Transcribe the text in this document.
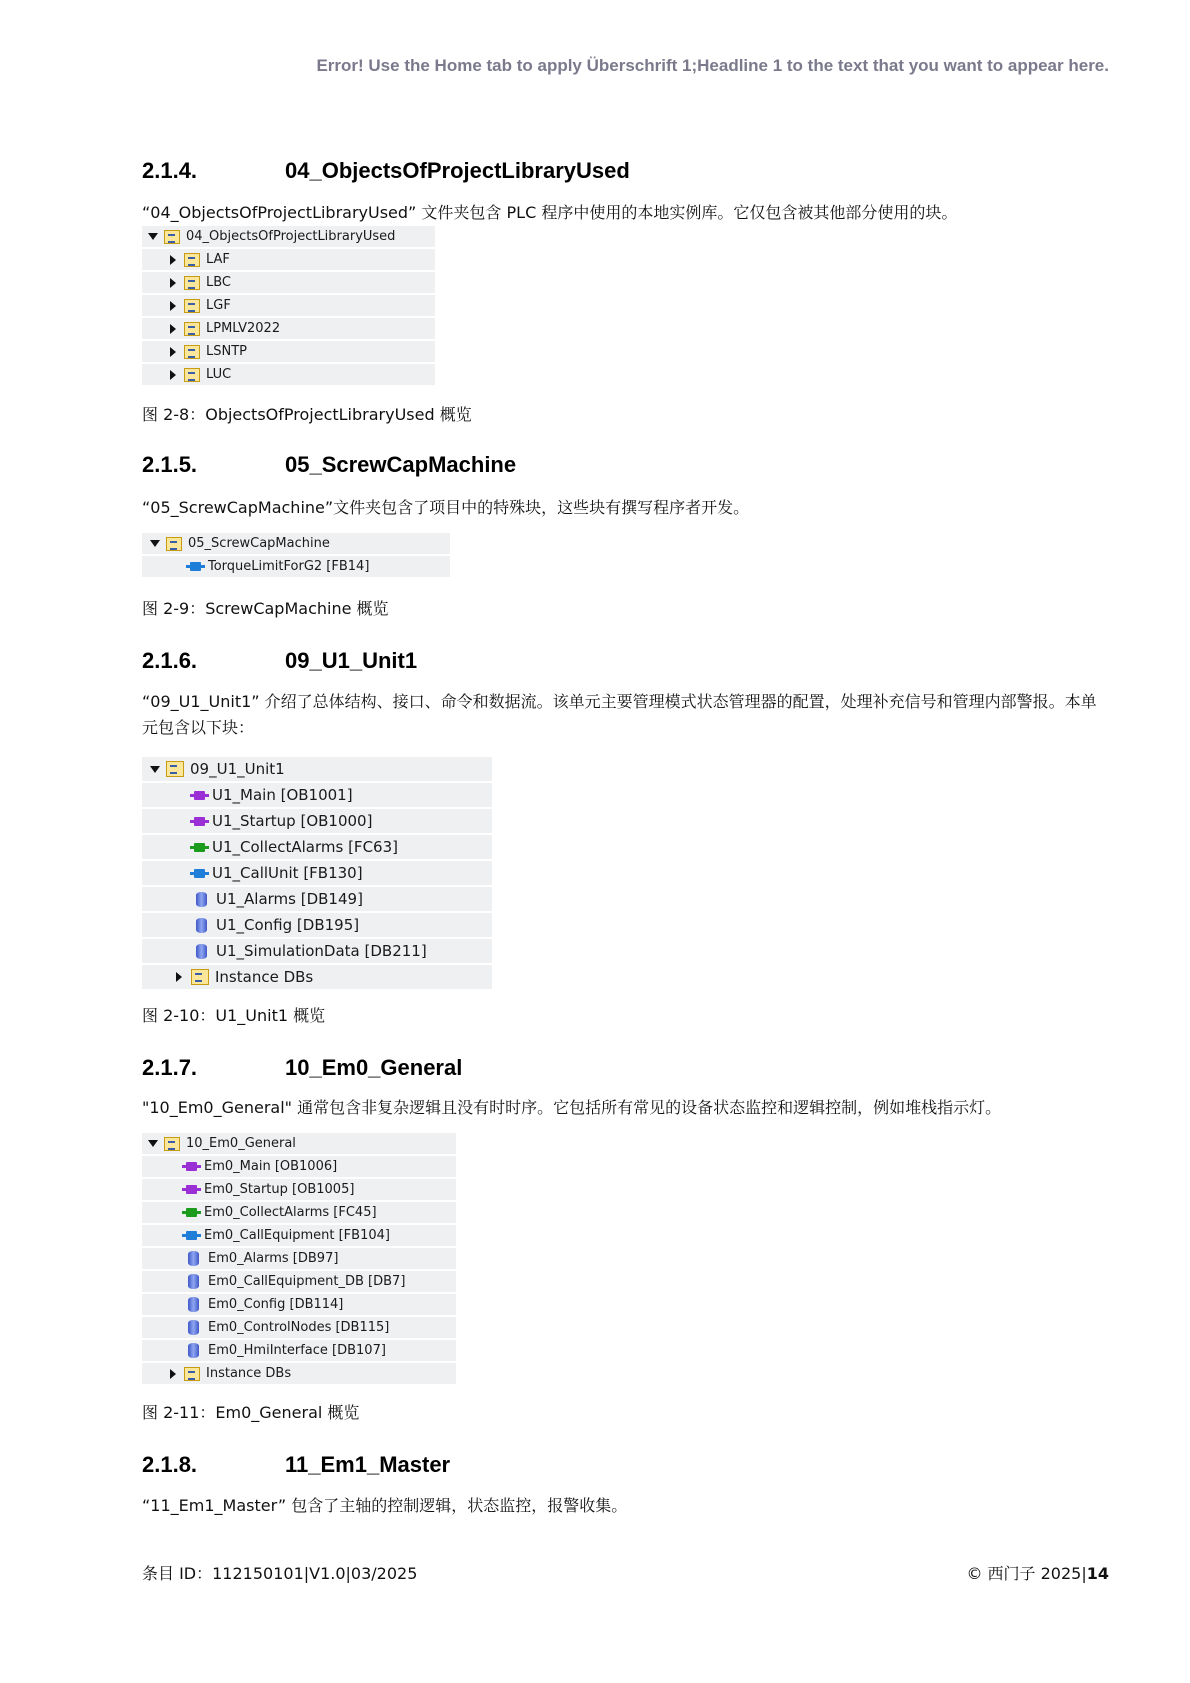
Error! Use the Home tab to apply Überschrift 1;Headline 1 to the text that you want to appear here.
2.1.4.	04_ObjectsOfProjectLibraryUsed

“04_ObjectsOfProjectLibraryUsed” 文件夹包含 PLC 程序中使用的本地实例库。它仅包含被其他部分使用的块。

04_ObjectsOfProjectLibraryUsed
LAF
LBC
LGF
LPMLV2022
LSNTP
LUC
图 2-8：ObjectsOfProjectLibraryUsed 概览
2.1.5.	05_ScrewCapMachine

“05_ScrewCapMachine”文件夹包含了项目中的特殊块，这些块有撰写程序者开发。

05_ScrewCapMachine
TorqueLimitForG2 [FB14]
图 2-9：ScrewCapMachine 概览
2.1.6.	09_U1_Unit1

“09_U1_Unit1” 介绍了总体结构、接口、命令和数据流。该单元主要管理模式状态管理器的配置，处理补充信号和管理内部警报。本单元包含以下块：

09_U1_Unit1
U1_Main [OB1001]
U1_Startup [OB1000]
U1_CollectAlarms [FC63]
U1_CallUnit [FB130]
U1_Alarms [DB149]
U1_Config [DB195]
U1_SimulationData [DB211]
Instance DBs
图 2-10：U1_Unit1 概览
2.1.7.	10_Em0_General

"10_Em0_General" 通常包含非复杂逻辑且没有时时序。它包括所有常见的设备状态监控和逻辑控制，例如堆栈指示灯。

10_Em0_General
Em0_Main [OB1006]
Em0_Startup [OB1005]
Em0_CollectAlarms [FC45]
Em0_CallEquipment [FB104]
Em0_Alarms [DB97]
Em0_CallEquipment_DB [DB7]
Em0_Config [DB114]
Em0_ControlNodes [DB115]
Em0_HmiInterface [DB107]
Instance DBs
图 2-11：Em0_General 概览
2.1.8.	11_Em1_Master

“11_Em1_Master” 包含了主轴的控制逻辑，状态监控，报警收集。

条目 ID：112150101|V1.0|03/2025	© 西门子 2025|14
